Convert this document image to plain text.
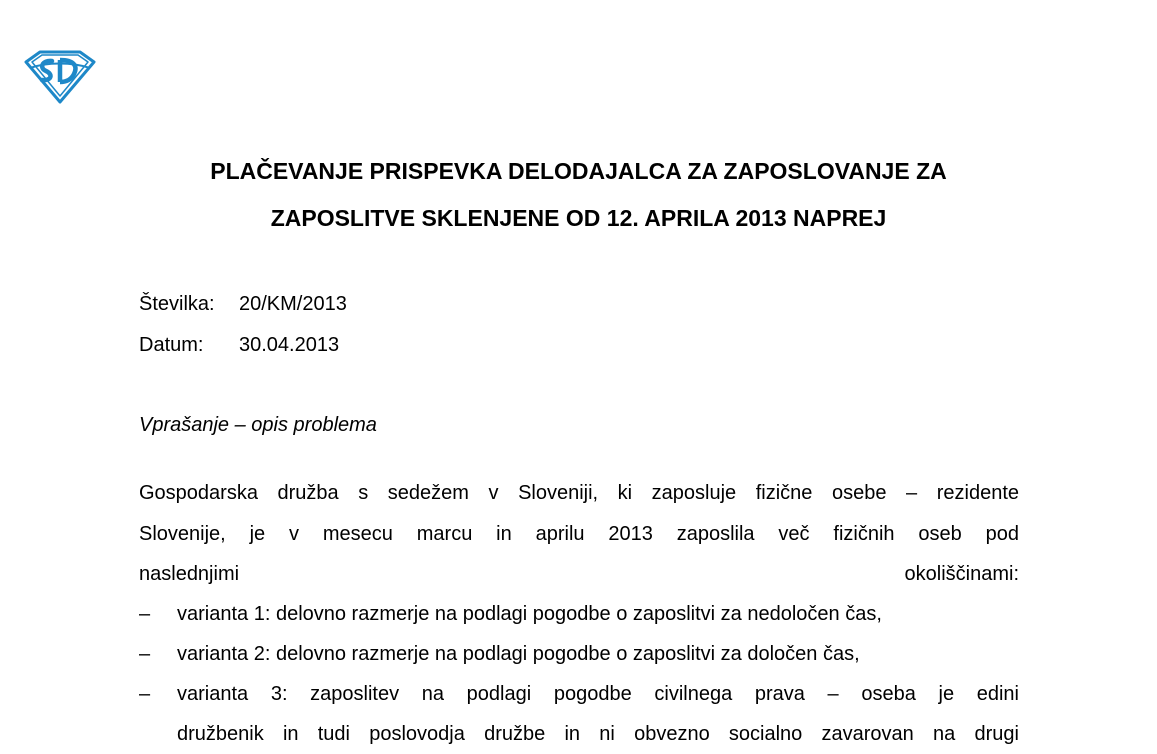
PLAČEVANJE PRISPEVKA DELODAJALCA ZA ZAPOSLOVANJE ZA
ZAPOSLITVE SKLENJENE OD 12. APRILA 2013 NAPREJ
Številka: 20/KM/2013
Datum: 30.04.2013
Vprašanje – opis problema
Gospodarska družba s sedežem v Sloveniji, ki zaposluje fizične osebe – rezidente
Slovenije, je v mesecu marcu in aprilu 2013 zaposlila več fizičnih oseb pod
naslednjimi okoliščinami:
– varianta 1: delovno razmerje na podlagi pogodbe o zaposlitvi za nedoločen čas,
– varianta 2: delovno razmerje na podlagi pogodbe o zaposlitvi za določen čas,
– varianta 3: zaposlitev na podlagi pogodbe civilnega prava – oseba je edini
družbenik in tudi poslovodja družbe in ni obvezno socialno zavarovan na drugi
